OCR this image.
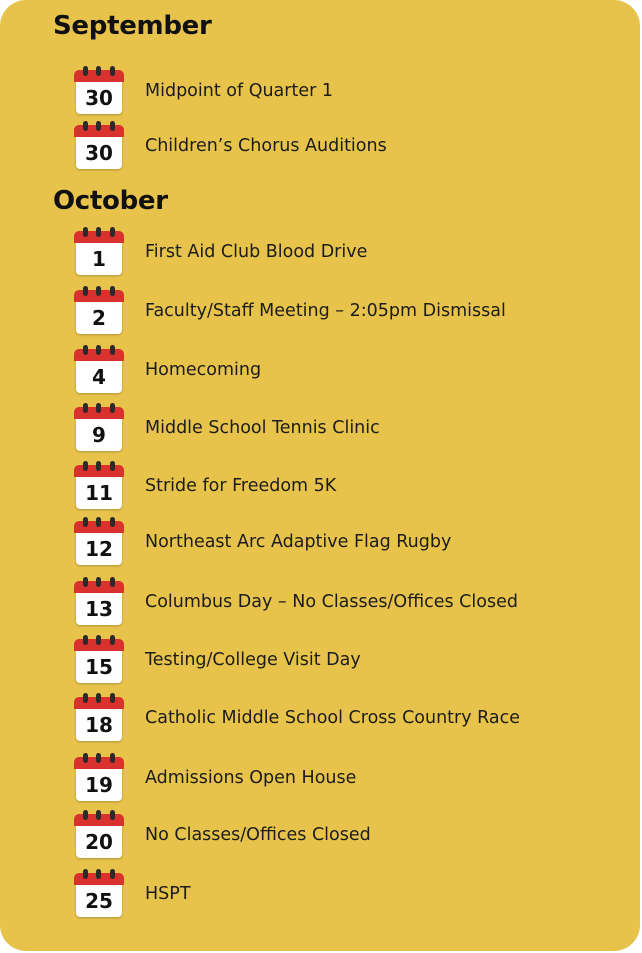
September
30	Midpoint of Quarter 1
30	Children’s Chorus Auditions
October
1	First Aid Club Blood Drive
2	Faculty/Staff Meeting – 2:05pm Dismissal
4	Homecoming
9	Middle School Tennis Clinic
11	Stride for Freedom 5K
12	Northeast Arc Adaptive Flag Rugby
13	Columbus Day – No Classes/Offices Closed
15	Testing/College Visit Day
18	Catholic Middle School Cross Country Race
19	Admissions Open House
20	No Classes/Offices Closed
25	HSPT
